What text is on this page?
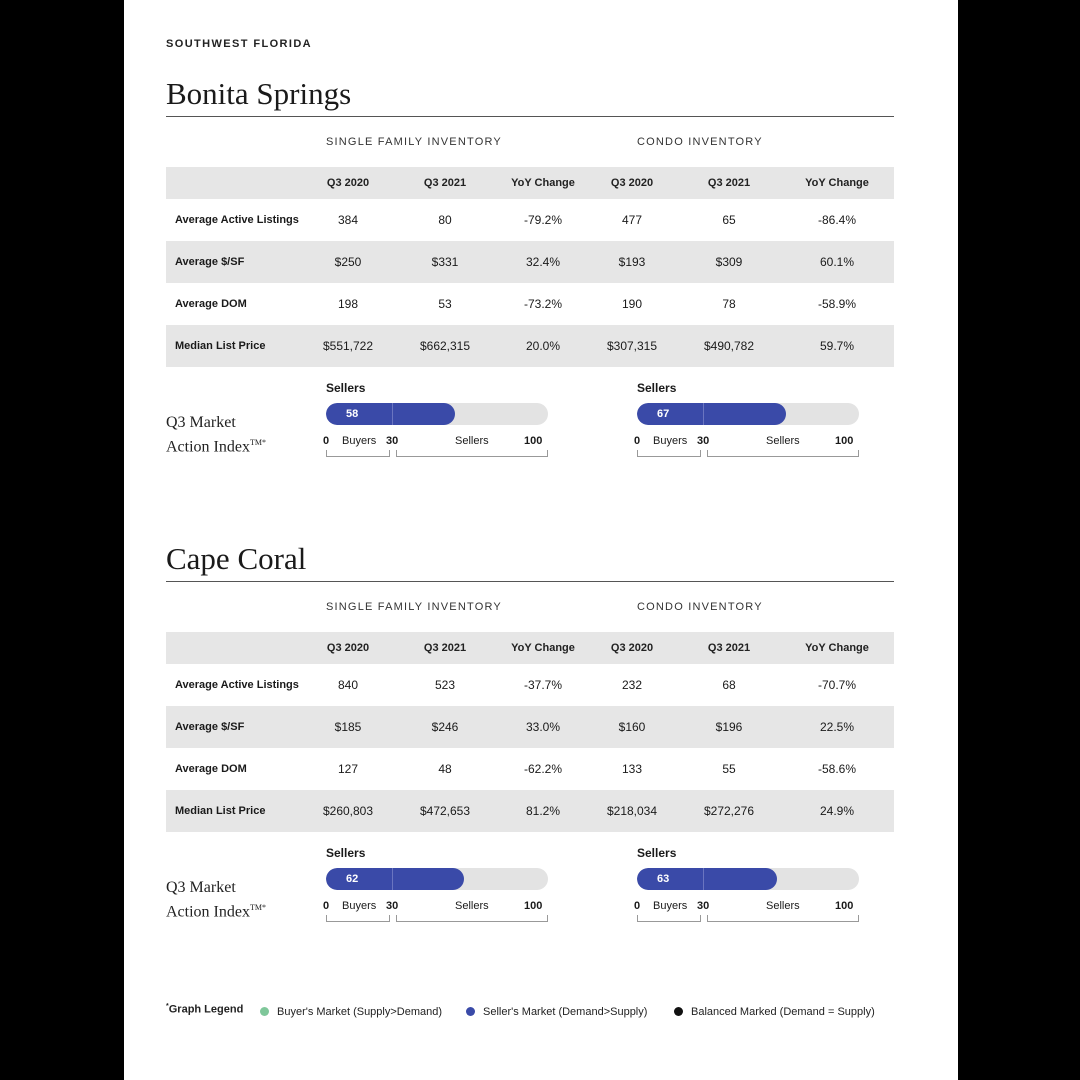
SOUTHWEST FLORIDA
Bonita Springs
SINGLE FAMILY INVENTORY	CONDO INVENTORY
	Q3 2020	Q3 2021	YoY Change	Q3 2020	Q3 2021	YoY Change
Average Active Listings	384	80	-79.2%	477	65	-86.4%
Average $/SF	$250	$331	32.4%	$193	$309	60.1%
Average DOM	198	53	-73.2%	190	78	-58.9%
Median List Price	$551,722	$662,315	20.0%	$307,315	$490,782	59.7%
Q3 Market
Action Index$^{TM*}$
Sellers
58
0 Buyers 30	Sellers	100
Sellers
67
0 Buyers 30	Sellers	100
Cape Coral
SINGLE FAMILY INVENTORY	CONDO INVENTORY
	Q3 2020	Q3 2021	YoY Change	Q3 2020	Q3 2021	YoY Change
Average Active Listings	840	523	-37.7%	232	68	-70.7%
Average $/SF	$185	$246	33.0%	$160	$196	22.5%
Average DOM	127	48	-62.2%	133	55	-58.6%
Median List Price	$260,803	$472,653	81.2%	$218,034	$272,276	24.9%
Q3 Market
Action Index$^{TM*}$
Sellers
62
0 Buyers 30	Sellers	100
Sellers
63
0 Buyers 30	Sellers	100
*Graph Legend	Buyer's Market (Supply>Demand)	Seller's Market (Demand>Supply)	Balanced Marked (Demand = Supply)
